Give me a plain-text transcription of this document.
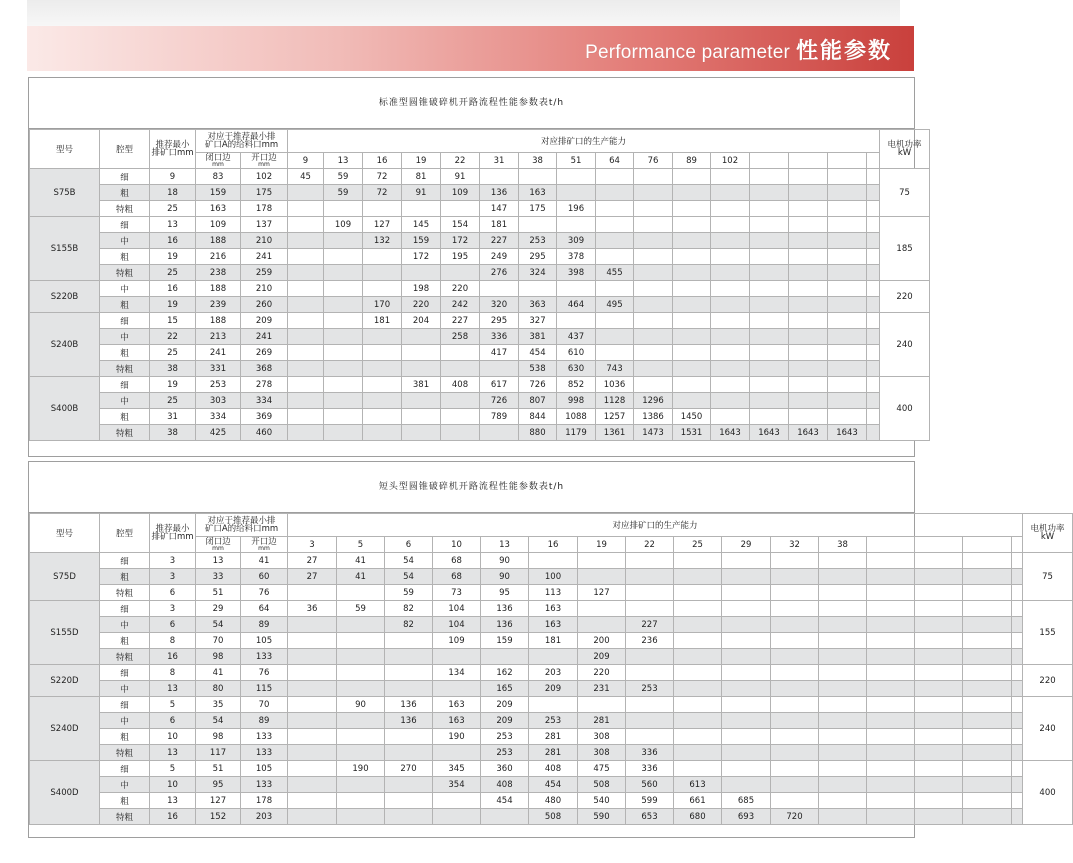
Performance parameter 性能参数
标准型圆锥破碎机开路流程性能参数表t/h
型号	腔型	推荐最小
排矿口mm	对应于推荐最小排
矿口A的给料口mm		对应排矿口的生产能力																电机功率
kW

			闭口边
mm	开口边
mm	9	13	16	19	22	31	38	51	64	76	89	102					
S75B	细	9	83	102	45	59	72	81	91												75
	粗	18	159	175		59	72	91	109	136	163										
	特粗	25	163	178						147	175	196									
S155B	细	13	109	137		109	127	145	154	181											185
	中	16	188	210			132	159	172	227	253	309									
	粗	19	216	241				172	195	249	295	378									
	特粗	25	238	259						276	324	398	455								
S220B	中	16	188	210				198	220												220
	粗	19	239	260			170	220	242	320	363	464	495								
S240B	细	15	188	209			181	204	227	295	327										240
	中	22	213	241					258	336	381	437									
	粗	25	241	269						417	454	610									
	特粗	38	331	368							538	630	743								
S400B	细	19	253	278				381	408	617	726	852	1036								400
	中	25	303	334						726	807	998	1128	1296							
	粗	31	334	369						789	844	1088	1257	1386	1450						
	特粗	38	425	460							880	1179	1361	1473	1531	1643	1643	1643	1643		
短头型圆锥破碎机开路流程性能参数表t/h
型号	腔型	推荐最小
排矿口mm	对应于推荐最小排
矿口A的给料口mm		对应排矿口的生产能力																电机功率
kW

			闭口边
mm	开口边
mm	3	5	6	10	13	16	19	22	25	29	32	38					
S75D	细	3	13	41	27	41	54	68	90												75
	粗	3	33	60	27	41	54	68	90	100											
	特粗	6	51	76			59	73	95	113	127										
S155D	细	3	29	64	36	59	82	104	136	163											155
	中	6	54	89			82	104	136	163		227									
	粗	8	70	105				109	159	181	200	236									
	特粗	16	98	133							209										
S220D	细	8	41	76				134	162	203	220										220
	中	13	80	115					165	209	231	253									
S240D	细	5	35	70		90	136	163	209												240
	中	6	54	89			136	163	209	253	281										
	粗	10	98	133				190	253	281	308										
	特粗	13	117	133					253	281	308	336									
S400D	细	5	51	105		190	270	345	360	408	475	336									400
	中	10	95	133				354	408	454	508	560	613								
	粗	13	127	178					454	480	540	599	661	685							
	特粗	16	152	203						508	590	653	680	693	720						
